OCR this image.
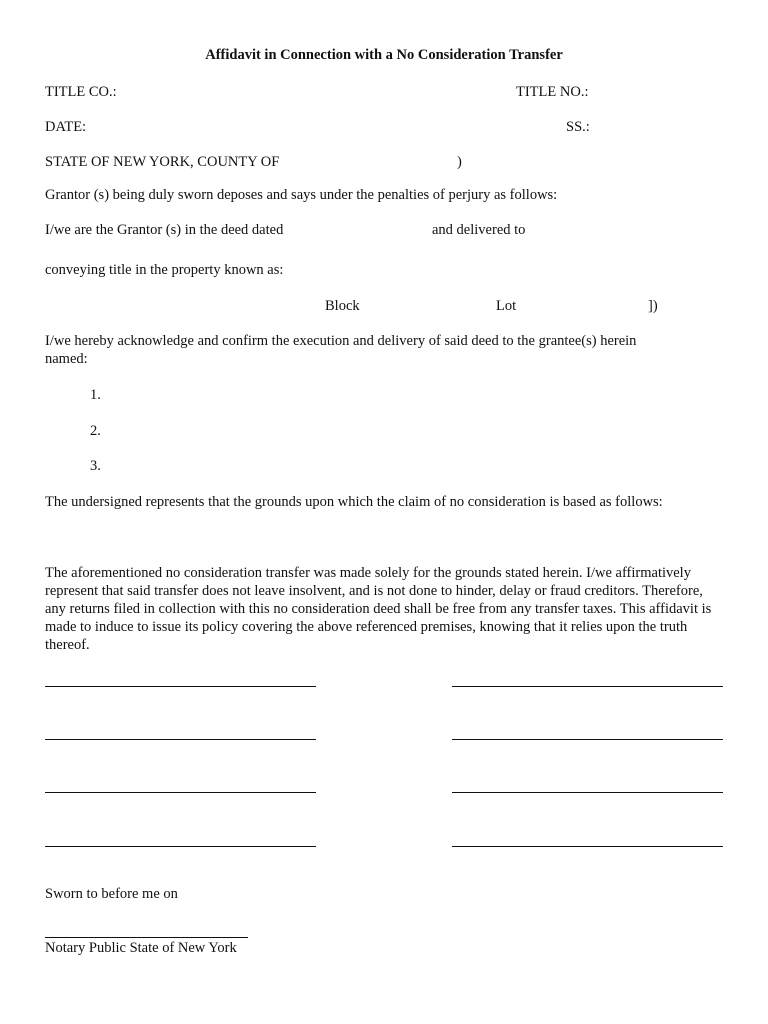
Affidavit in Connection with a No Consideration Transfer
TITLE CO.:	TITLE NO.:
DATE:	SS.:
STATE OF NEW YORK, COUNTY OF	)
Grantor (s) being duly sworn deposes and says under the penalties of perjury as follows:
I/we are the Grantor (s) in the deed dated	and delivered to
conveying title in the property known as:
Block	Lot	])
I/we hereby acknowledge and confirm the execution and delivery of said deed to the grantee(s) herein named:
1.
2.
3.
The undersigned represents that the grounds upon which the claim of no consideration is based as follows:
The aforementioned no consideration transfer was made solely for the grounds stated herein. I/we affirmatively represent that said transfer does not leave insolvent, and is not done to hinder, delay or fraud creditors. Therefore, any returns filed in collection with this no consideration deed shall be free from any transfer taxes. This affidavit is made to induce to issue its policy covering the above referenced premises, knowing that it relies upon the truth thereof.
Sworn to before me on
Notary Public State of New York
